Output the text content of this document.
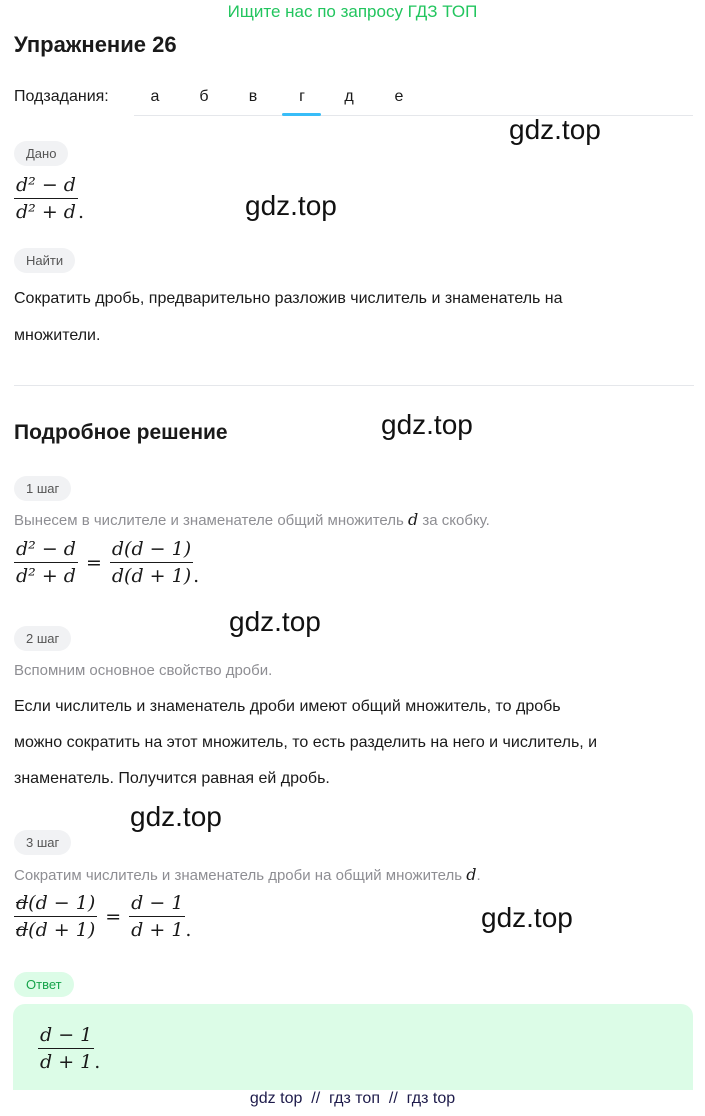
Ищите нас по запросу ГДЗ ТОП
Упражнение 26
Подзадания:	а	б	в	г	д	е
gdz.top
gdz.top
gdz.top
gdz.top
gdz.top
gdz.top
Дано
$\frac{\text{d² − d}}{\text{d² + d}}$ .
Найти
Сократить дробь, предварительно разложив числитель и знаменатель на
множители.
Подробное решение
1 шаг
Вынесем в числителе и знаменателе общий множитель d за скобку.
$\frac{\text{d² − d}}{\text{d² + d}} = \frac{d(d - 1)}{d(d + 1)}$ .
2 шаг
Вспомним основное свойство дроби.
Если числитель и знаменатель дроби имеют общий множитель, то дробь
можно сократить на этот множитель, то есть разделить на него и числитель, и
знаменатель. Получится равная ей дробь.
3 шаг
Сократим числитель и знаменатель дроби на общий множитель d.
$\frac{d(d - 1)}{d(d + 1)} = \frac{d - 1}{d + 1}$ .
Ответ
$\frac{d - 1}{d + 1}$ .
gdz top  //  гдз топ  //  гдз top
